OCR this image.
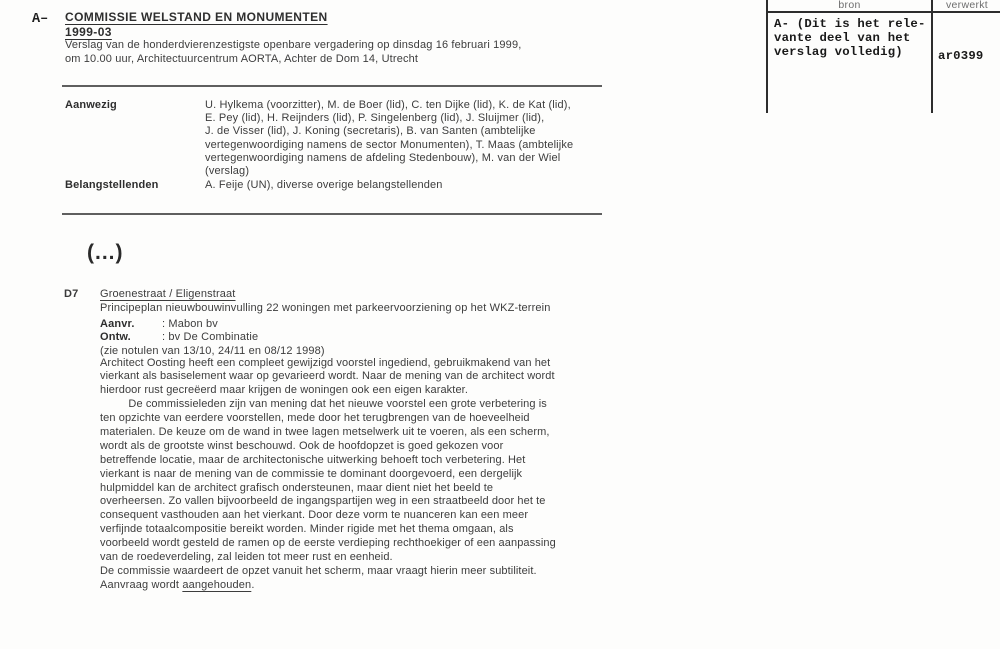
A– COMMISSIE WELSTAND EN MONUMENTEN
1999-03
Verslag van de honderdvierenzestigste openbare vergadering op dinsdag 16 februari 1999,
om 10.00 uur, Architectuurcentrum AORTA, Achter de Dom 14, Utrecht
Aanwezig	U. Hylkema (voorzitter), M. de Boer (lid), C. ten Dijke (lid), K. de Kat (lid),
E. Pey (lid), H. Reijnders (lid), P. Singelenberg (lid), J. Sluijmer (lid),
J. de Visser (lid), J. Koning (secretaris), B. van Santen (ambtelijke
vertegenwoordiging namens de sector Monumenten), T. Maas (ambtelijke
vertegenwoordiging namens de afdeling Stedenbouw), M. van der Wiel
(verslag)
Belangstellenden	A. Feije (UN), diverse overige belangstellenden
(...)
D7 Groenestraat / Eligenstraat
Principeplan nieuwbouwinvulling 22 woningen met parkeervoorziening op het WKZ-terrein
Aanvr. : Mabon bv
Ontw.	: bv De Combinatie
(zie notulen van 13/10, 24/11 en 08/12 1998)
Architect Oosting heeft een compleet gewijzigd voorstel ingediend, gebruikmakend van het
vierkant als basiselement waar op gevarieerd wordt. Naar de mening van de architect wordt
hierdoor rust gecreëerd maar krijgen de woningen ook een eigen karakter.
De commissieleden zijn van mening dat het nieuwe voorstel een grote verbetering is
ten opzichte van eerdere voorstellen, mede door het terugbrengen van de hoeveelheid
materialen. De keuze om de wand in twee lagen metselwerk uit te voeren, als een scherm,
wordt als de grootste winst beschouwd. Ook de hoofdopzet is goed gekozen voor
betreffende locatie, maar de architectonische uitwerking behoeft toch verbetering. Het
vierkant is naar de mening van de commissie te dominant doorgevoerd, een dergelijk
hulpmiddel kan de architect grafisch ondersteunen, maar dient niet het beeld te
overheersen. Zo vallen bijvoorbeeld de ingangspartijen weg in een straatbeeld door het te
consequent vasthouden aan het vierkant. Door deze vorm te nuanceren kan een meer
verfijnde totaalcompositie bereikt worden. Minder rigide met het thema omgaan, als
voorbeeld wordt gesteld de ramen op de eerste verdieping rechthoekiger of een aanpassing
van de roedeverdeling, zal leiden tot meer rust en eenheid.
De commissie waardeert de opzet vanuit het scherm, maar vraagt hierin meer subtiliteit.
Aanvraag wordt aangehouden.
bron	verwerkt
A- (Dit is het rele-
vante deel van het
verslag volledig)	ar0399
